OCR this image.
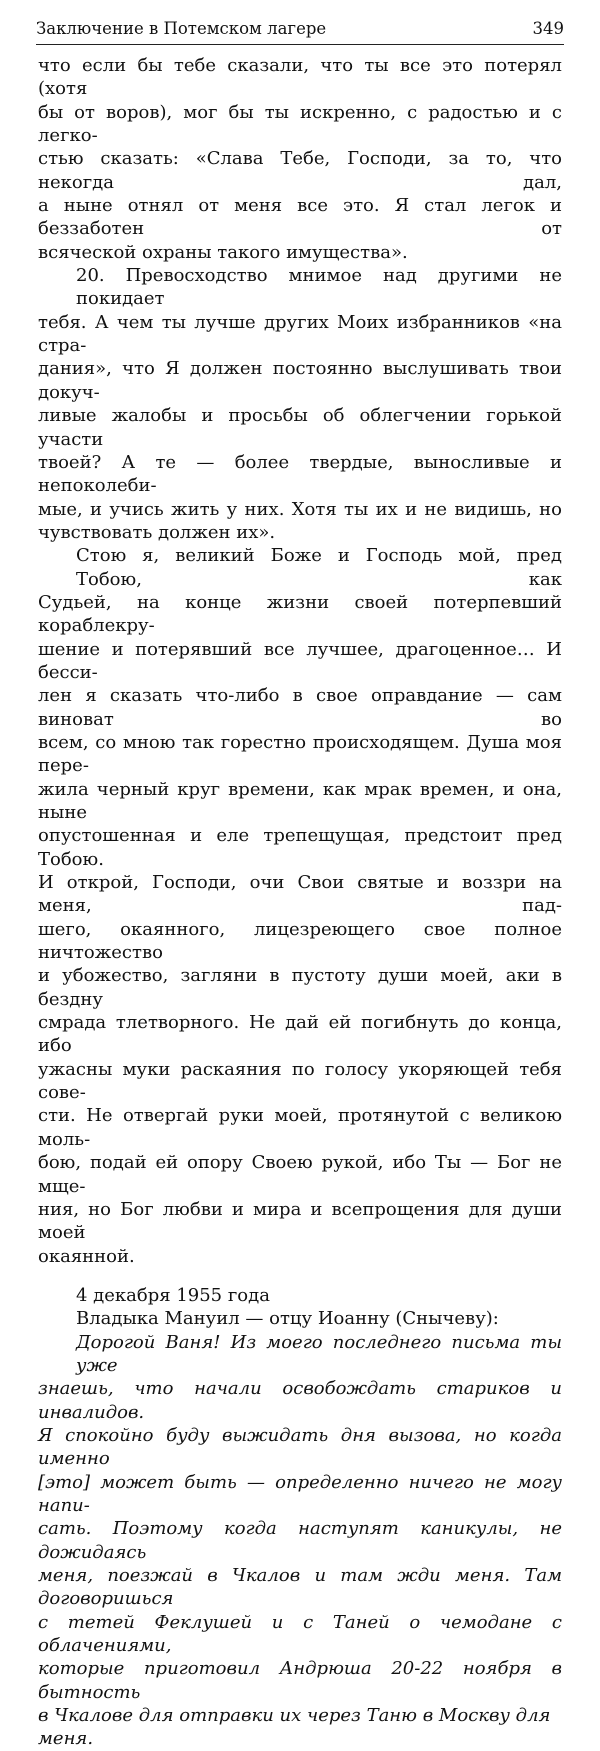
Заключение в Потемском лагере	349
что если бы тебе сказали, что ты все это потерял (хотя
бы от воров), мог бы ты искренно, с радостью и с легко-
стью сказать: «Слава Тебе, Господи, за то, что некогда дал,
а ныне отнял от меня все это. Я стал легок и беззаботен от
всяческой охраны такого имущества».
20. Превосходство мнимое над другими не покидает
тебя. А чем ты лучше других Моих избранников «на стра-
дания», что Я должен постоянно выслушивать твои докуч-
ливые жалобы и просьбы об облегчении горькой участи
твоей? А те — более твердые, выносливые и непоколеби-
мые, и учись жить у них. Хотя ты их и не видишь, но
чувствовать должен их».
Стою я, великий Боже и Господь мой, пред Тобою, как
Судьей, на конце жизни своей потерпевший кораблекру-
шение и потерявший все лучшее, драгоценное… И бесси-
лен я сказать что-либо в свое оправдание — сам виноват во
всем, со мною так горестно происходящем. Душа моя пере-
жила черный круг времени, как мрак времен, и она, ныне
опустошенная и еле трепещущая, предстоит пред Тобою.
И открой, Господи, очи Свои святые и воззри на меня, пад-
шего, окаянного, лицезреющего свое полное ничтожество
и убожество, загляни в пустоту души моей, аки в бездну
смрада тлетворного. Не дай ей погибнуть до конца, ибо
ужасны муки раскаяния по голосу укоряющей тебя сове-
сти. Не отвергай руки моей, протянутой с великою моль-
бою, подай ей опору Своею рукой, ибо Ты — Бог не мще-
ния, но Бог любви и мира и всепрощения для души моей
окаянной.

4 декабря 1955 года

Владыка Мануил — отцу Иоанну (Снычеву):

Дорогой Ваня! Из моего последнего письма ты уже
знаешь, что начали освобождать стариков и инвалидов.
Я спокойно буду выжидать дня вызова, но когда именно
[это] может быть — определенно ничего не могу напи-
сать. Поэтому когда наступят каникулы, не дожидаясь
меня, поезжай в Чкалов и там жди меня. Там договоришься
с тетей Феклушей и с Таней о чемодане с облачениями,
которые приготовил Андрюша 20-22 ноября в бытность
в Чкалове для отправки их через Таню в Москву для меня.
